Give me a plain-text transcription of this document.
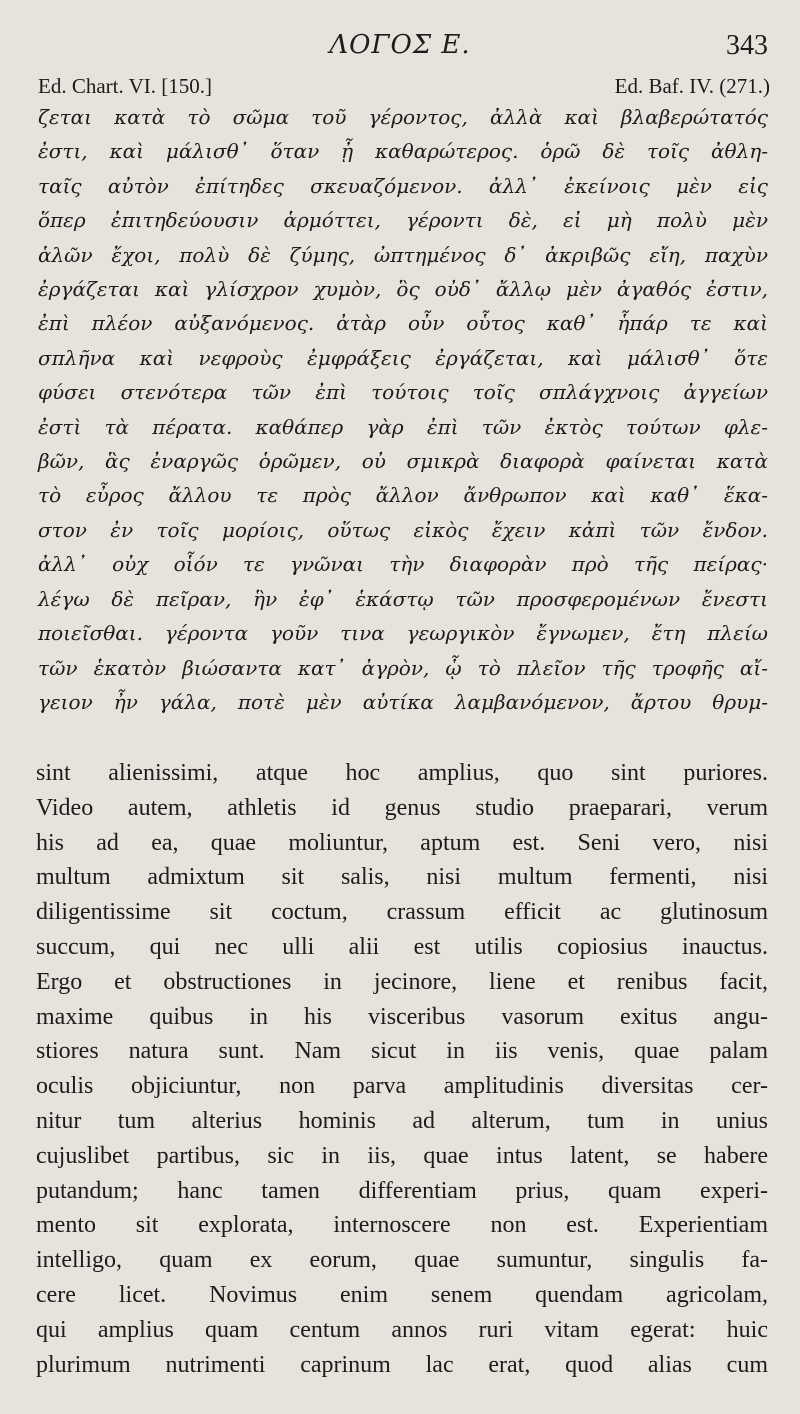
ΛΟΓΟΣ Ε.	343
Ed. Chart. VI. [150.]	Ed. Baf. IV. (271.)
ζεται κατὰ τὸ σῶμα τοῦ γέροντος, ἀλλὰ καὶ βλαβερώτατός
ἐστι, καὶ μάλισθ᾽ ὅταν ᾖ καθαρώτερος. ὁρῶ δὲ τοῖς ἀθλη-
ταῖς αὐτὸν ἐπίτηδες σκευαζόμενον. ἀλλ᾽ ἐκείνοις μὲν εἰς
ὅπερ ἐπιτηδεύουσιν ἁρμόττει, γέροντι δὲ, εἰ μὴ πολὺ μὲν
ἁλῶν ἔχοι, πολὺ δὲ ζύμης, ὠπτημένος δ᾽ ἀκριβῶς εἴη, παχὺν
ἐργάζεται καὶ γλίσχρον χυμὸν, ὃς οὐδ᾽ ἄλλῳ μὲν ἀγαθός ἐστιν,
ἐπὶ πλέον αὐξανόμενος. ἀτὰρ οὖν οὗτος καθ᾽ ἧπάρ τε καὶ
σπλῆνα καὶ νεφροὺς ἐμφράξεις ἐργάζεται, καὶ μάλισθ᾽ ὅτε
φύσει στενότερα τῶν ἐπὶ τούτοις τοῖς σπλάγχνοις ἀγγείων
ἐστὶ τὰ πέρατα. καθάπερ γὰρ ἐπὶ τῶν ἐκτὸς τούτων φλε-
βῶν, ἃς ἐναργῶς ὁρῶμεν, οὐ σμικρὰ διαφορὰ φαίνεται κατὰ
τὸ εὖρος ἄλλου τε πρὸς ἄλλον ἄνθρωπον καὶ καθ᾽ ἕκα-
στον ἐν τοῖς μορίοις, οὕτως εἰκὸς ἔχειν κἀπὶ τῶν ἔνδον.
ἀλλ᾽ οὐχ οἷόν τε γνῶναι τὴν διαφορὰν πρὸ τῆς πείρας·
λέγω δὲ πεῖραν, ἣν ἐφ᾽ ἑκάστῳ τῶν προσφερομένων ἔνεστι
ποιεῖσθαι. γέροντα γοῦν τινα γεωργικὸν ἔγνωμεν, ἔτη πλείω
τῶν ἑκατὸν βιώσαντα κατ᾽ ἀγρὸν, ᾧ τὸ πλεῖον τῆς τροφῆς αἴ-
γειον ἦν γάλα, ποτὲ μὲν αὐτίκα λαμβανόμενον, ἄρτου θρυμ-
sint alienissimi, atque hoc amplius, quo sint puriores.
Video autem, athletis id genus studio praeparari, verum
his ad ea, quae moliuntur, aptum est. Seni vero, nisi
multum admixtum sit salis, nisi multum fermenti, nisi
diligentissime sit coctum, crassum efficit ac glutinosum
succum, qui nec ulli alii est utilis copiosius inauctus.
Ergo et obstructiones in jecinore, liene et renibus facit,
maxime quibus in his visceribus vasorum exitus angu-
stiores natura sunt. Nam sicut in iis venis, quae palam
oculis objiciuntur, non parva amplitudinis diversitas cer-
nitur tum alterius hominis ad alterum, tum in unius
cujuslibet partibus, sic in iis, quae intus latent, se habere
putandum; hanc tamen differentiam prius, quam experi-
mento sit explorata, internoscere non est. Experientiam
intelligo, quam ex eorum, quae sumuntur, singulis fa-
cere licet. Novimus enim senem quendam agricolam,
qui amplius quam centum annos ruri vitam egerat: huic
plurimum nutrimenti caprinum lac erat, quod alias cum
